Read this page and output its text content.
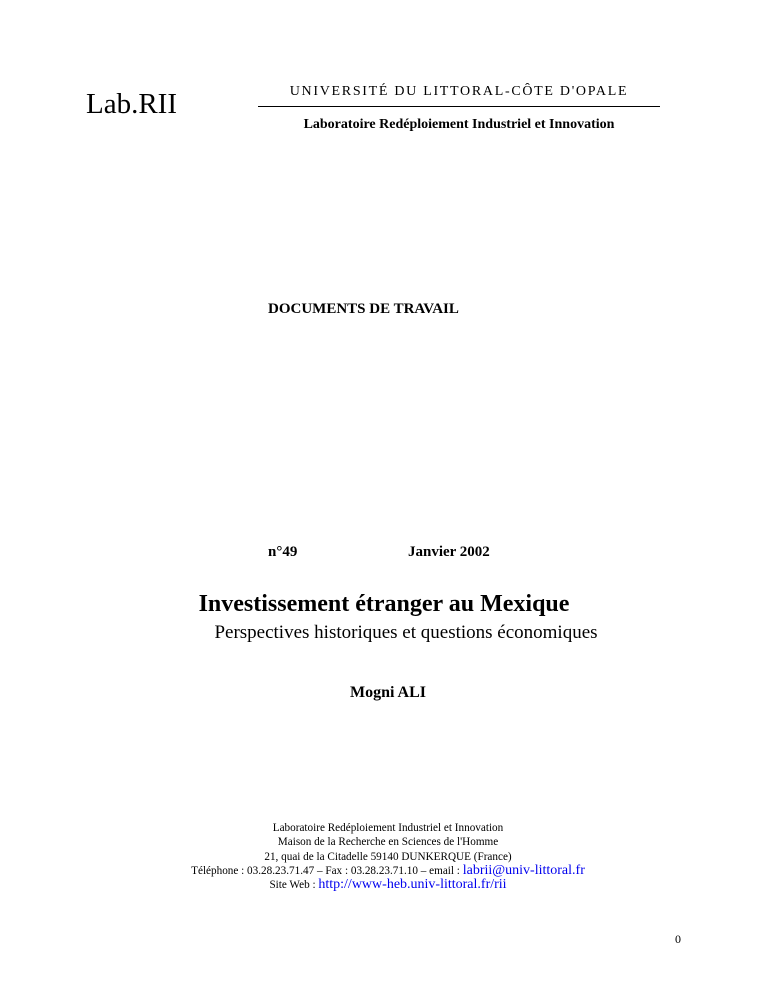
Lab.RII	UNIVERSITÉ DU LITTORAL-CÔTE D'OPALE
Laboratoire Redéploiement Industriel et Innovation
DOCUMENTS DE TRAVAIL
n°49	Janvier 2002
Investissement étranger au Mexique
Perspectives historiques et questions économiques
Mogni ALI
Laboratoire Redéploiement Industriel et Innovation
Maison de la Recherche en Sciences de l'Homme
21, quai de la Citadelle 59140 DUNKERQUE (France)
Téléphone : 03.28.23.71.47 – Fax : 03.28.23.71.10 – email : labrii@univ-littoral.fr
Site Web : http://www-heb.univ-littoral.fr/rii
0
